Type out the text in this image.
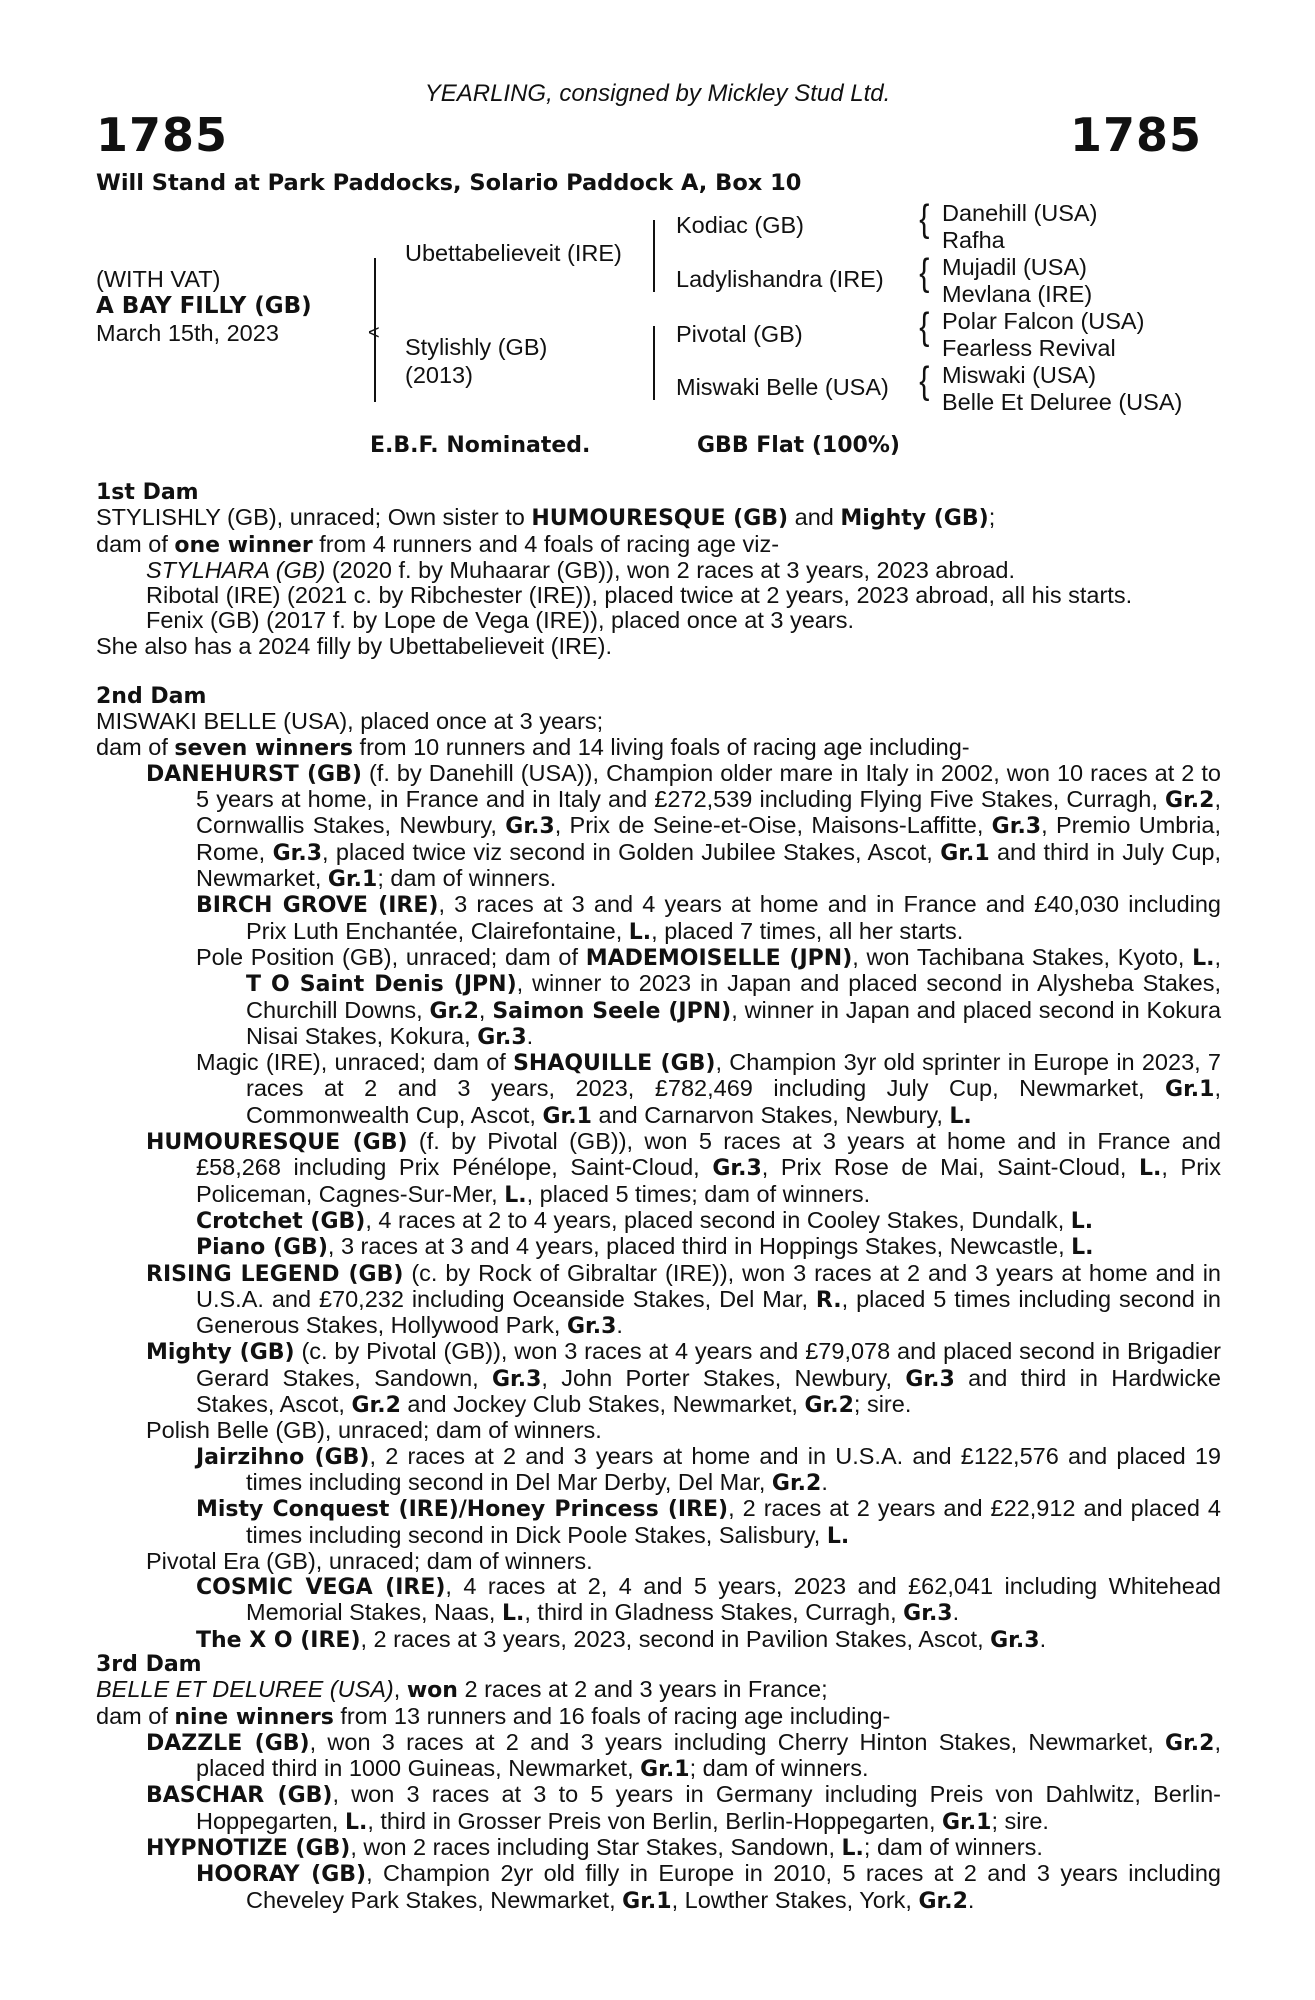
YEARLING, consigned by Mickley Stud Ltd.
1785	1785
Will Stand at Park Paddocks, Solario Paddock A, Box 10
(WITH VAT)
A BAY FILLY (GB)
March 15th, 2023	<
Ubettabelieveit (IRE)
Stylishly (GB)
(2013)
Kodiac (GB)
Ladylishandra (IRE)
Pivotal (GB)
Miswaki Belle (USA)
{
{
{
{
Danehill (USA)
Rafha
Mujadil (USA)
Mevlana (IRE)
Polar Falcon (USA)
Fearless Revival
Miswaki (USA)
Belle Et Deluree (USA)
E.B.F. Nominated.	GBB Flat (100%)

1st Dam

STYLISHLY (GB), unraced; Own sister to HUMOURESQUE (GB) and Mighty (GB);

dam of one winner from 4 runners and 4 foals of racing age viz-

STYLHARA (GB) (2020 f. by Muhaarar (GB)), won 2 races at 3 years, 2023 abroad.

Ribotal (IRE) (2021 c. by Ribchester (IRE)), placed twice at 2 years, 2023 abroad, all his starts.

Fenix (GB) (2017 f. by Lope de Vega (IRE)), placed once at 3 years.

She also has a 2024 filly by Ubettabelieveit (IRE).

2nd Dam

MISWAKI BELLE (USA), placed once at 3 years;

dam of seven winners from 10 runners and 14 living foals of racing age including-

DANEHURST (GB) (f. by Danehill (USA)), Champion older mare in Italy in 2002, won 10 races at 2 to 5 years at home, in France and in Italy and £272,539 including Flying Five Stakes, Curragh, Gr.2, Cornwallis Stakes, Newbury, Gr.3, Prix de Seine-et-Oise, Maisons-Laffitte, Gr.3, Premio Umbria, Rome, Gr.3, placed twice viz second in Golden Jubilee Stakes, Ascot, Gr.1 and third in July Cup, Newmarket, Gr.1; dam of winners.

BIRCH GROVE (IRE), 3 races at 3 and 4 years at home and in France and £40,030 including Prix Luth Enchantée, Clairefontaine, L., placed 7 times, all her starts.

Pole Position (GB), unraced; dam of MADEMOISELLE (JPN), won Tachibana Stakes, Kyoto, L., T O Saint Denis (JPN), winner to 2023 in Japan and placed second in Alysheba Stakes, Churchill Downs, Gr.2, Saimon Seele (JPN), winner in Japan and placed second in Kokura Nisai Stakes, Kokura, Gr.3.

Magic (IRE), unraced; dam of SHAQUILLE (GB), Champion 3yr old sprinter in Europe in 2023, 7 races at 2 and 3 years, 2023, £782,469 including July Cup, Newmarket, Gr.1, Commonwealth Cup, Ascot, Gr.1 and Carnarvon Stakes, Newbury, L.

HUMOURESQUE (GB) (f. by Pivotal (GB)), won 5 races at 3 years at home and in France and £58,268 including Prix Pénélope, Saint-Cloud, Gr.3, Prix Rose de Mai, Saint-Cloud, L., Prix Policeman, Cagnes-Sur-Mer, L., placed 5 times; dam of winners.

Crotchet (GB), 4 races at 2 to 4 years, placed second in Cooley Stakes, Dundalk, L.

Piano (GB), 3 races at 3 and 4 years, placed third in Hoppings Stakes, Newcastle, L.

RISING LEGEND (GB) (c. by Rock of Gibraltar (IRE)), won 3 races at 2 and 3 years at home and in U.S.A. and £70,232 including Oceanside Stakes, Del Mar, R., placed 5 times including second in Generous Stakes, Hollywood Park, Gr.3.

Mighty (GB) (c. by Pivotal (GB)), won 3 races at 4 years and £79,078 and placed second in Brigadier Gerard Stakes, Sandown, Gr.3, John Porter Stakes, Newbury, Gr.3 and third in Hardwicke Stakes, Ascot, Gr.2 and Jockey Club Stakes, Newmarket, Gr.2; sire.

Polish Belle (GB), unraced; dam of winners.

Jairzihno (GB), 2 races at 2 and 3 years at home and in U.S.A. and £122,576 and placed 19 times including second in Del Mar Derby, Del Mar, Gr.2.

Misty Conquest (IRE)/Honey Princess (IRE), 2 races at 2 years and £22,912 and placed 4 times including second in Dick Poole Stakes, Salisbury, L.

Pivotal Era (GB), unraced; dam of winners.

COSMIC VEGA (IRE), 4 races at 2, 4 and 5 years, 2023 and £62,041 including Whitehead Memorial Stakes, Naas, L., third in Gladness Stakes, Curragh, Gr.3.

The X O (IRE), 2 races at 3 years, 2023, second in Pavilion Stakes, Ascot, Gr.3.

3rd Dam

BELLE ET DELUREE (USA), won 2 races at 2 and 3 years in France;

dam of nine winners from 13 runners and 16 foals of racing age including-

DAZZLE (GB), won 3 races at 2 and 3 years including Cherry Hinton Stakes, Newmarket, Gr.2, placed third in 1000 Guineas, Newmarket, Gr.1; dam of winners.

BASCHAR (GB), won 3 races at 3 to 5 years in Germany including Preis von Dahlwitz, Berlin-Hoppegarten, L., third in Grosser Preis von Berlin, Berlin-Hoppegarten, Gr.1; sire.

HYPNOTIZE (GB), won 2 races including Star Stakes, Sandown, L.; dam of winners.

HOORAY (GB), Champion 2yr old filly in Europe in 2010, 5 races at 2 and 3 years including Cheveley Park Stakes, Newmarket, Gr.1, Lowther Stakes, York, Gr.2.
